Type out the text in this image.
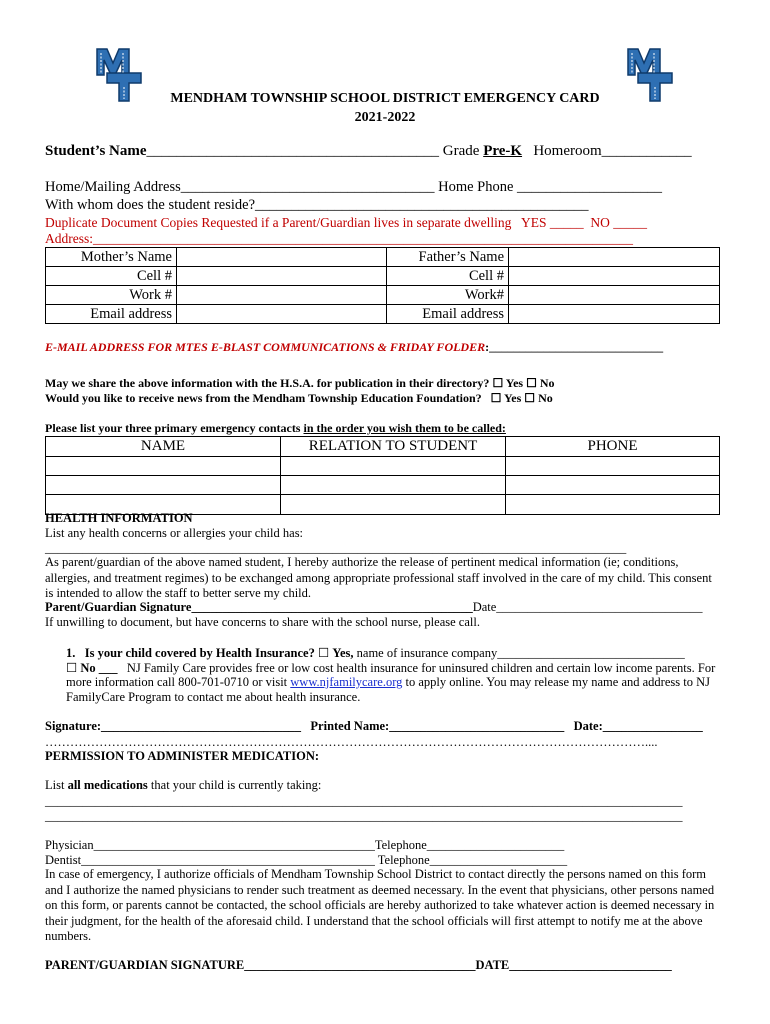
MENDHAM TOWNSHIP SCHOOL DISTRICT EMERGENCY CARD
2021-2022
Student’s Name_______________________________________ Grade Pre-K Homeroom____________
Home/Mailing Address___________________________________ Home Phone ____________________
With whom does the student reside?______________________________________________
Duplicate Document Copies Requested if a Parent/Guardian lives in separate dwelling YES _____ NO _____
Address:________________________________________________________________________________
Mother’s Name		Father’s Name	
Cell #		Cell #	
Work #		Work#	
Email address		Email address	
E-MAIL ADDRESS FOR MTES E-BLAST COMMUNICATIONS & FRIDAY FOLDER:_____________________________
May we share the above information with the H.S.A. for publication in their directory? ☐ Yes ☐ No
Would you like to receive news from the Mendham Township Education Foundation? ☐ Yes ☐ No
Please list your three primary emergency contacts in the order you wish them to be called:
NAME	RELATION TO STUDENT	PHONE

HEALTH INFORMATION
List any health concerns or allergies your child has:
_____________________________________________________________________________________________
As parent/guardian of the above named student, I hereby authorize the release of pertinent medical information (ie; conditions,
allergies, and treatment regimes) to be exchanged among appropriate professional staff involved in the care of my child. This consent
is intended to allow the staff to better serve my child.
Parent/Guardian Signature_____________________________________________Date_________________________________
If unwilling to document, but have concerns to share with the school nurse, please call.
1. Is your child covered by Health Insurance? ☐ Yes, name of insurance company______________________________
☐ No ___ NJ Family Care provides free or low cost health insurance for uninsured children and certain low income parents. For
more information call 800-701-0710 or visit www.njfamilycare.org to apply online. You may release my name and address to NJ
FamilyCare Program to contact me about health insurance.
Signature:________________________________ Printed Name:____________________________ Date:________________
………………………………………………………………………………………………………………………………....
PERMISSION TO ADMINISTER MEDICATION:
List all medications that your child is currently taking:
______________________________________________________________________________________________________
______________________________________________________________________________________________________
Physician_____________________________________________Telephone______________________
Dentist_______________________________________________ Telephone______________________
In case of emergency, I authorize officials of Mendham Township School District to contact directly the persons named on this form
and I authorize the named physicians to render such treatment as deemed necessary. In the event that physicians, other persons named
on this form, or parents cannot be contacted, the school officials are hereby authorized to take whatever action is deemed necessary in
their judgment, for the health of the aforesaid child. I understand that the school officials will first attempt to notify me at the above
numbers.
PARENT/GUARDIAN SIGNATURE_____________________________________DATE__________________________
